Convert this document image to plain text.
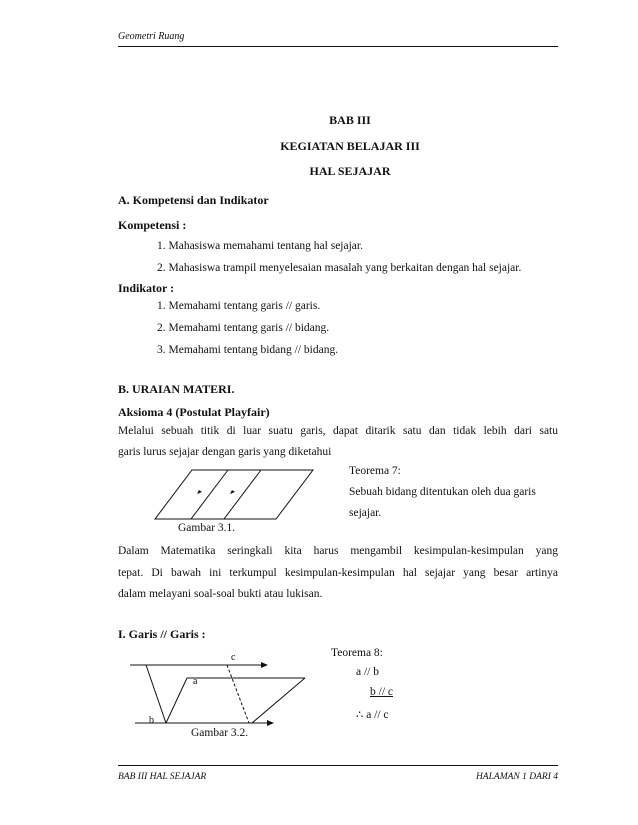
Geometri Ruang
BAB III
KEGIATAN BELAJAR III
HAL SEJAJAR
A. Kompetensi dan Indikator
Kompetensi :
1. Mahasiswa memahami tentang hal sejajar.
2. Mahasiswa trampil menyelesaian masalah yang berkaitan dengan hal sejajar.
Indikator :
1. Memahami tentang garis // garis.
2. Memahami tentang garis // bidang.
3. Memahami tentang bidang // bidang.
B. URAIAN MATERI.
Aksioma 4 (Postulat Playfair)
Melalui sebuah titik di luar suatu garis, dapat ditarik satu dan tidak lebih dari satu
garis lurus sejajar dengan garis yang diketahui
Teorema 7:
Sebuah bidang ditentukan oleh dua garis
sejajar.
Gambar 3.1.
Dalam Matematika seringkali kita harus mengambil kesimpulan-kesimpulan yang
tepat. Di bawah ini terkumpul kesimpulan-kesimpulan hal sejajar yang besar artinya
dalam melayani soal-soal bukti atau lukisan.
I. Garis // Garis :
Teorema 8:
a // b
b // c
∴ a // c
c
a
b
Gambar 3.2.
BAB III HAL SEJAJAR	HALAMAN 1 DARI 4
